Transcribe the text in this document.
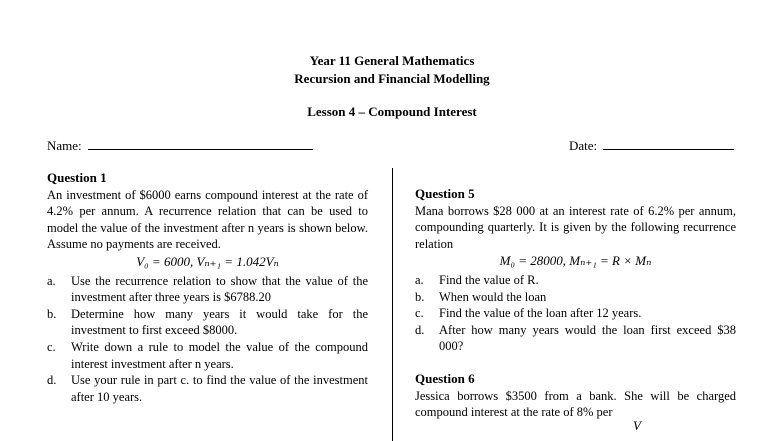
Year 11 General Mathematics
Recursion and Financial Modelling
Lesson 4 – Compound Interest
Name:	Date:
Question 1
An investment of $6000 earns compound interest at the rate of 4.2% per annum. A recurrence relation that can be used to model the value of the investment after n years is shown below. Assume no payments are received.
V₀ = 6000, Vₙ₊₁ = 1.042Vₙ
a.	Use the recurrence relation to show that the value of the investment after three years is $6788.20
b.	Determine how many years it would take for the investment to first exceed $8000.
c.	Write down a rule to model the value of the compound interest investment after n years.
d.	Use your rule in part c. to find the value of the investment after 10 years.
Question 5
Mana borrows $28 000 at an interest rate of 6.2% per annum, compounding quarterly. It is given by the following recurrence relation
M₀ = 28000, Mₙ₊₁ = R × Mₙ
a.	Find the value of R.
b.	When would the loan
c.	Find the value of the loan after 12 years.
d.	After how many years would the loan first exceed $38 000?
Question 6
Jessica borrows $3500 from a bank. She will be charged compound interest at the rate of 8% per
V
